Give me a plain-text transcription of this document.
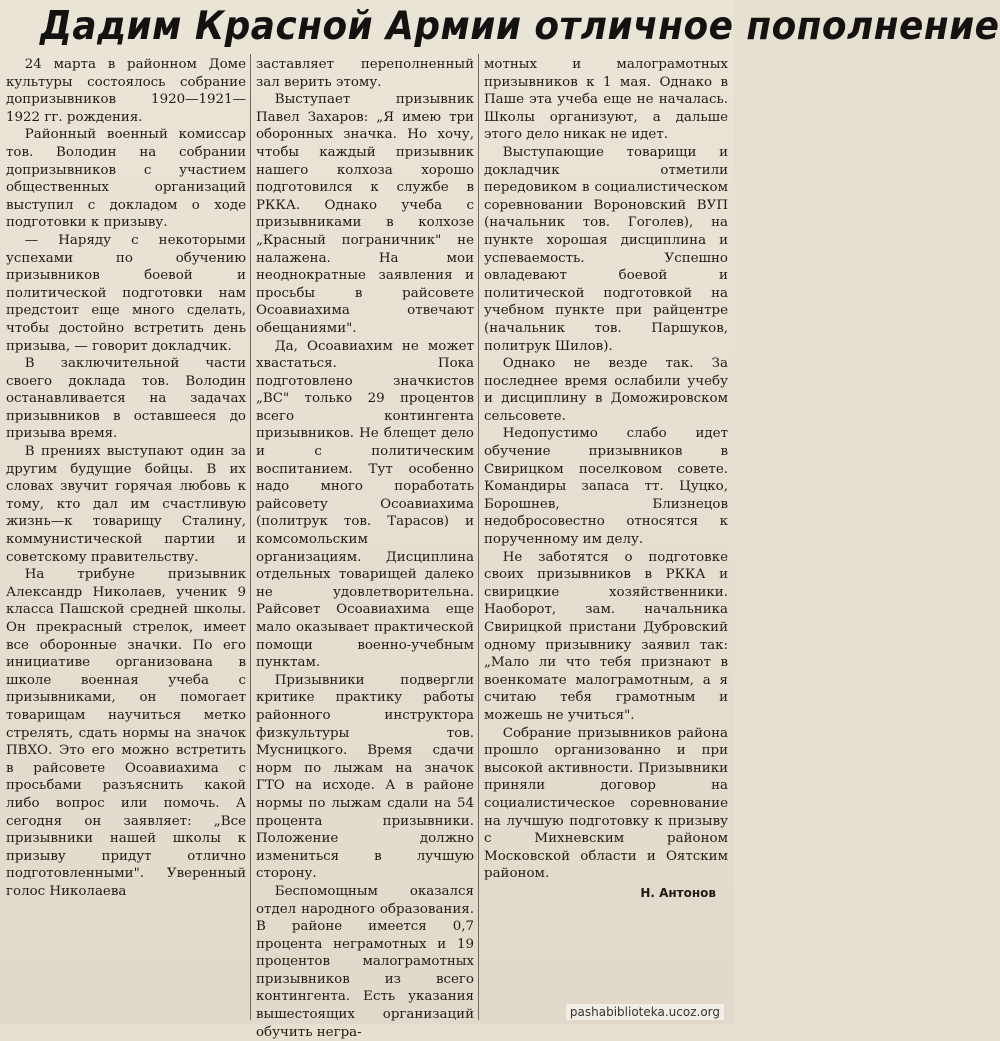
Дадим Красной Армии отличное пополнение

24 марта в районном Доме культуры состоялось собрание допризывников 1920—1921—1922 гг. рождения.

Районный военный комиссар тов. Володин на собрании допризывников с участием общественных организаций выступил с докладом о ходе подготовки к призыву.

— Наряду с некоторыми успехами по обучению призывников боевой и политической подготовки нам предстоит еще много сделать, чтобы достойно встретить день призыва, — говорит докладчик.

В заключительной части своего доклада тов. Володин останавливается на задачах призывников в оставшееся до призыва время.

В прениях выступают один за другим будущие бойцы. В их словах звучит горячая любовь к тому, кто дал им счастливую жизнь—к товарищу Сталину, коммунистической партии и советскому правительству.

На трибуне призывник Александр Николаев, ученик 9 класса Пашской средней школы. Он прекрасный стрелок, имеет все оборонные значки. По его инициативе организована в школе военная учеба с призывниками, он помогает товарищам научиться метко стрелять, сдать нормы на значок ПВХО. Это его можно встретить в райсовете Осоавиахима с просьбами разъяснить какой либо вопрос или помочь. А сегодня он заявляет: „Все призывники нашей школы к призыву придут отлично подготовленными". Уверенный голос Николаева

заставляет переполненный зал верить этому.

Выступает призывник Павел Захаров: „Я имею три оборонных значка. Но хочу, чтобы каждый призывник нашего колхоза хорошо подготовился к службе в РККА. Однако учеба с призывниками в колхозе „Красный пограничник" не налажена. На мои неоднократные заявления и просьбы в райсовете Осоавиахима отвечают обещаниями".

Да, Осоавиахим не может хвастаться. Пока подготовлено значкистов „ВС" только 29 процентов всего контингента призывников. Не блещет дело и с политическим воспитанием. Тут особенно надо много поработать райсовету Осоавиахима (политрук тов. Тарасов) и комсомольским организациям. Дисциплина отдельных товарищей далеко не удовлетворительна. Райсовет Осоавиахима еще мало оказывает практической помощи военно-учебным пунктам.

Призывники подвергли критике практику работы районного инструктора физкультуры тов. Мусницкого. Время сдачи норм по лыжам на значок ГТО на исходе. А в районе нормы по лыжам сдали на 54 процента призывники. Положение должно измениться в лучшую сторону.

Беспомощным оказался отдел народного образования. В районе имеется 0,7 процента неграмотных и 19 процентов малограмотных призывников из всего контингента. Есть указания вышестоящих организаций обучить негра-

мотных и малограмотных призывников к 1 мая. Однако в Паше эта учеба еще не началась. Школы организуют, а дальше этого дело никак не идет.

Выступающие товарищи и докладчик отметили передовиком в социалистическом соревновании Вороновский ВУП (начальник тов. Гоголев), на пункте хорошая дисциплина и успеваемость. Успешно овладевают боевой и политической подготовкой на учебном пункте при райцентре (начальник тов. Паршуков, политрук Шилов).

Однако не везде так. За последнее время ослабили учебу и дисциплину в Доможировском сельсовете.

Недопустимо слабо идет обучение призывников в Свирицком поселковом совете. Командиры запаса тт. Цуцко, Борошнев, Близнецов недобросовестно относятся к порученному им делу.

Не заботятся о подготовке своих призывников в РККА и свирицкие хозяйственники. Наоборот, зам. начальника Свирицкой пристани Дубровский одному призывнику заявил так: „Мало ли что тебя признают в военкомате малограмотным, а я считаю тебя грамотным и можешь не учиться".

Собрание призывников района прошло организованно и при высокой активности. Призывники приняли договор на социалистическое соревнование на лучшую подготовку к призыву с Михневским районом Московской области и Оятским районом.

Н. Антонов
pashabiblioteka.ucoz.org
